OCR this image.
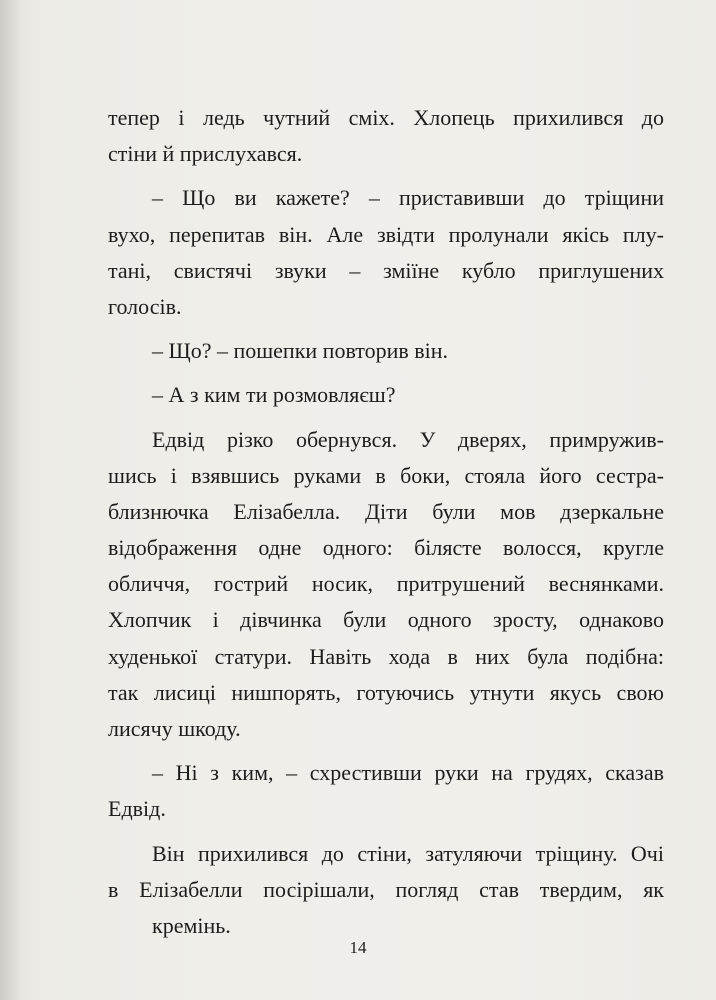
тепер і ледь чутний сміх. Хлопець прихилився до
стіни й прислухався.

– Що ви кажете? – приставивши до тріщини
вухо, перепитав він. Але звідти пролунали якісь плу-
тані, свистячі звуки – зміїне кубло приглушених
голосів.

– Що? – пошепки повторив він.

– А з ким ти розмовляєш?

Едвід різко обернувся. У дверях, примружив-
шись і взявшись руками в боки, стояла його сестра-
близнючка Елізабелла. Діти були мов дзеркальне
відображення одне одного: білясте волосся, кругле
обличчя, гострий носик, притрушений веснянками.
Хлопчик і дівчинка були одного зросту, однаково
худенької статури. Навіть хода в них була подібна:
так лисиці нишпорять, готуючись утнути якусь свою
лисячу шкоду.

– Ні з ким, – схрестивши руки на грудях, сказав
Едвід.

Він прихилився до стіни, затуляючи тріщину. Очі
в Елізабелли посірішали, погляд став твердим, як
кремінь.

14
